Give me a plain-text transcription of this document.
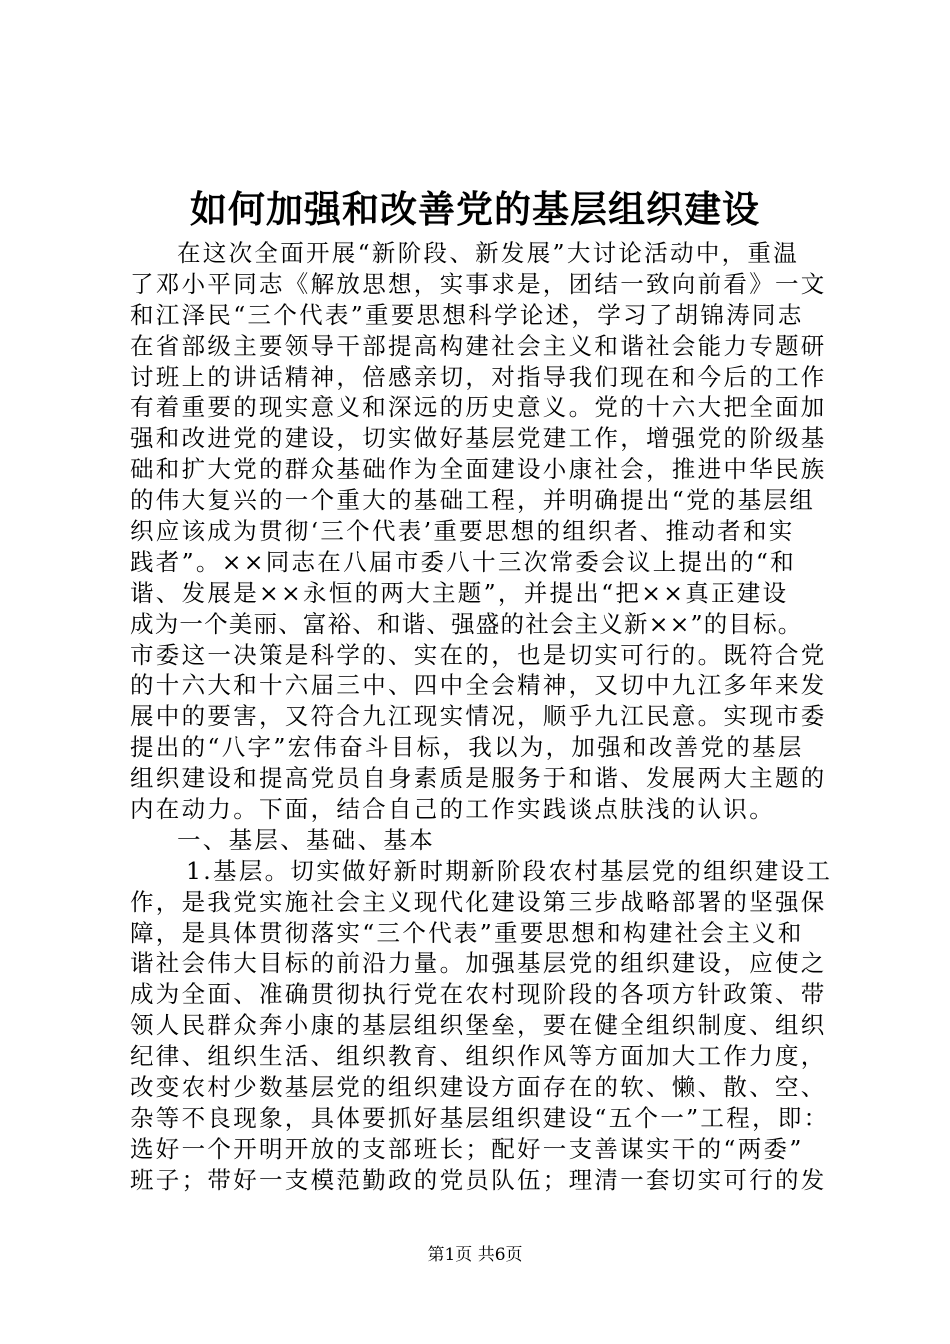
如何加强和改善党的基层组织建设
在这次全面开展“新阶段、新发展”大讨论活动中，重温
了邓小平同志《解放思想，实事求是，团结一致向前看》一文
和江泽民“三个代表”重要思想科学论述，学习了胡锦涛同志
在省部级主要领导干部提高构建社会主义和谐社会能力专题研
讨班上的讲话精神，倍感亲切，对指导我们现在和今后的工作
有着重要的现实意义和深远的历史意义。党的十六大把全面加
强和改进党的建设，切实做好基层党建工作，增强党的阶级基
础和扩大党的群众基础作为全面建设小康社会，推进中华民族
的伟大复兴的一个重大的基础工程，并明确提出“党的基层组
织应该成为贯彻‘三个代表’重要思想的组织者、推动者和实
践者”。××同志在八届市委八十三次常委会议上提出的“和
谐、发展是××永恒的两大主题”，并提出“把××真正建设
成为一个美丽、富裕、和谐、强盛的社会主义新××”的目标。
市委这一决策是科学的、实在的，也是切实可行的。既符合党
的十六大和十六届三中、四中全会精神，又切中九江多年来发
展中的要害，又符合九江现实情况，顺乎九江民意。实现市委
提出的“八字”宏伟奋斗目标，我以为，加强和改善党的基层
组织建设和提高党员自身素质是服务于和谐、发展两大主题的
内在动力。下面，结合自己的工作实践谈点肤浅的认识。
一、基层、基础、基本
1.基层。切实做好新时期新阶段农村基层党的组织建设工
作，是我党实施社会主义现代化建设第三步战略部署的坚强保
障，是具体贯彻落实“三个代表”重要思想和构建社会主义和
谐社会伟大目标的前沿力量。加强基层党的组织建设，应使之
成为全面、准确贯彻执行党在农村现阶段的各项方针政策、带
领人民群众奔小康的基层组织堡垒，要在健全组织制度、组织
纪律、组织生活、组织教育、组织作风等方面加大工作力度，
改变农村少数基层党的组织建设方面存在的软、懒、散、空、
杂等不良现象，具体要抓好基层组织建设“五个一”工程，即：
选好一个开明开放的支部班长；配好一支善谋实干的“两委”
班子；带好一支模范勤政的党员队伍；理清一套切实可行的发
第1页 共6页
